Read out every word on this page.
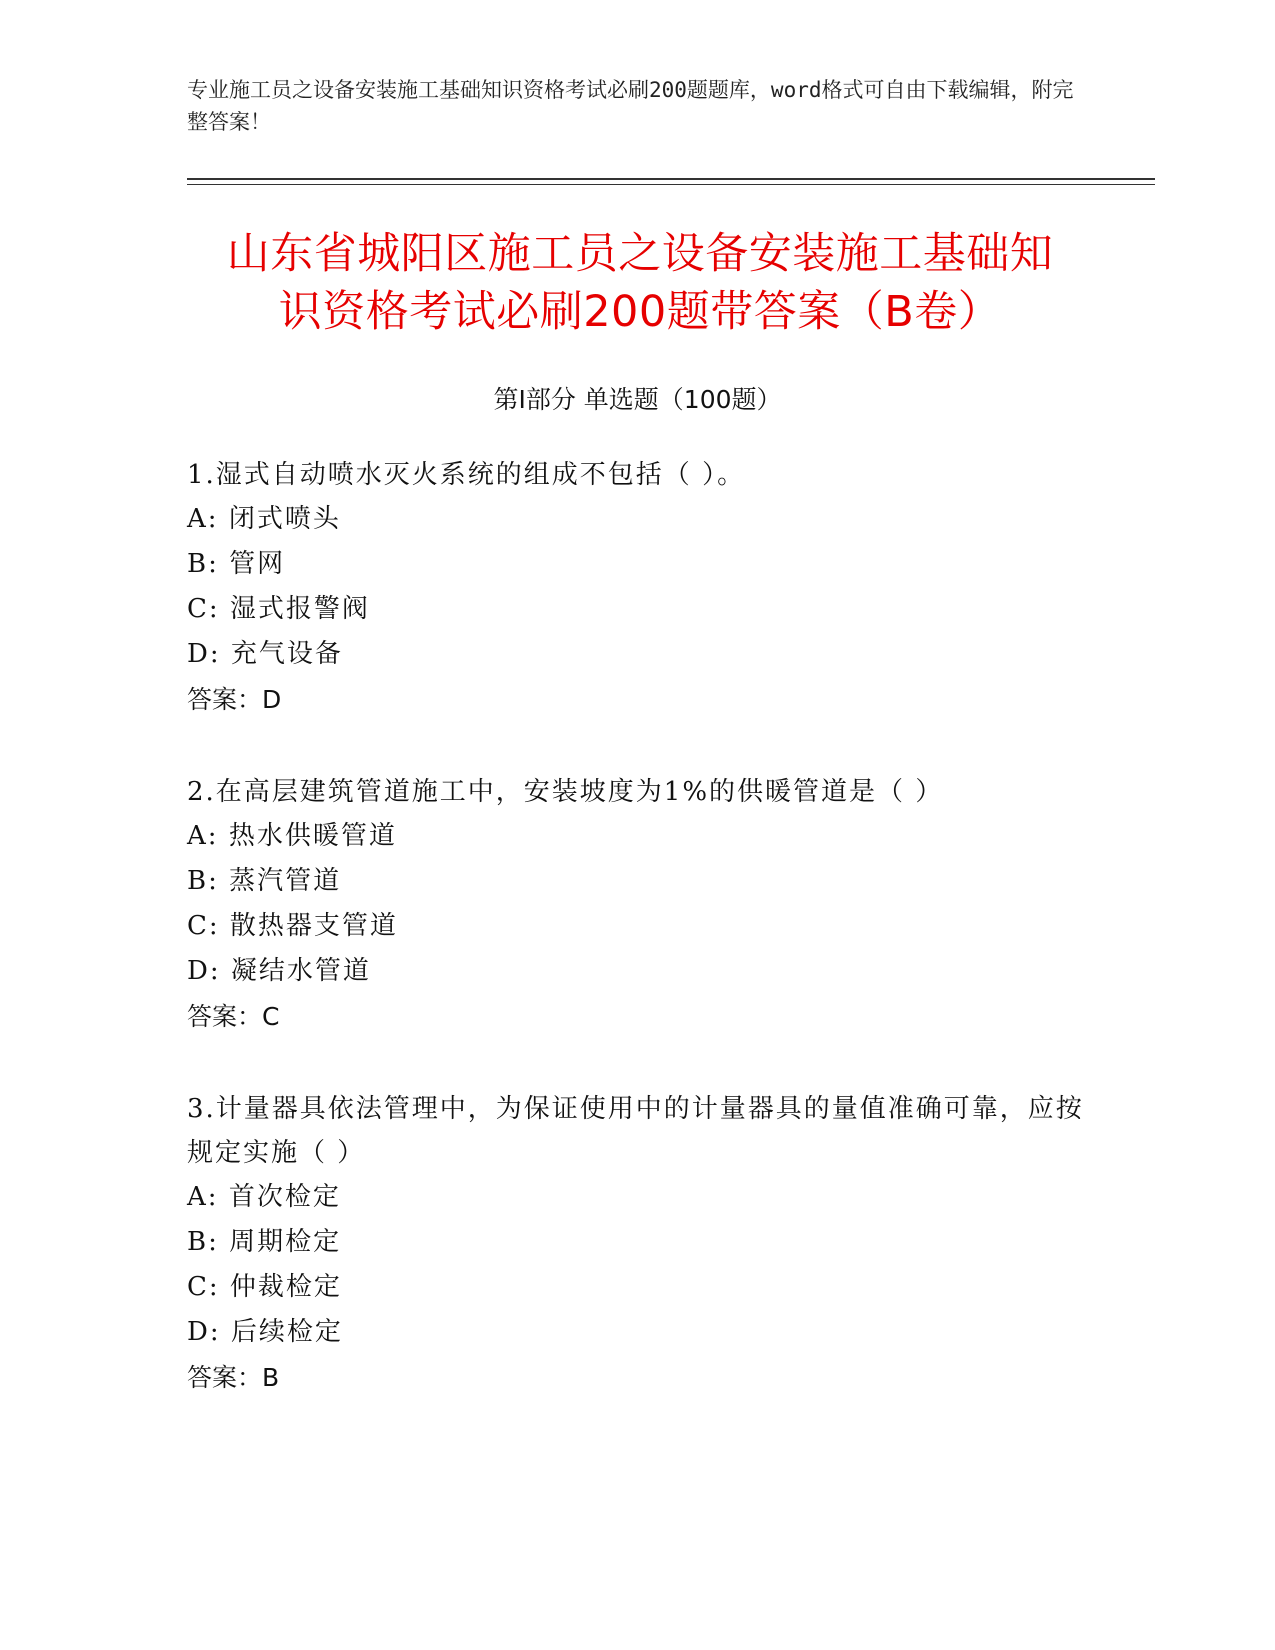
专业施工员之设备安装施工基础知识资格考试必刷200题题库，word格式可自由下载编辑，附完整答案！
山东省城阳区施工员之设备安装施工基础知
识资格考试必刷200题带答案（B卷）
第Ⅰ部分 单选题（100题）
1.湿式自动喷水灭火系统的组成不包括（ ）。
A: 闭式喷头
B: 管网
C: 湿式报警阀
D: 充气设备
答案：D
2.在高层建筑管道施工中，安装坡度为1%的供暖管道是（ ）
A: 热水供暖管道
B: 蒸汽管道
C: 散热器支管道
D: 凝结水管道
答案：C
3.计量器具依法管理中，为保证使用中的计量器具的量值准确可靠，应按规定实施（ ）
A: 首次检定
B: 周期检定
C: 仲裁检定
D: 后续检定
答案：B
